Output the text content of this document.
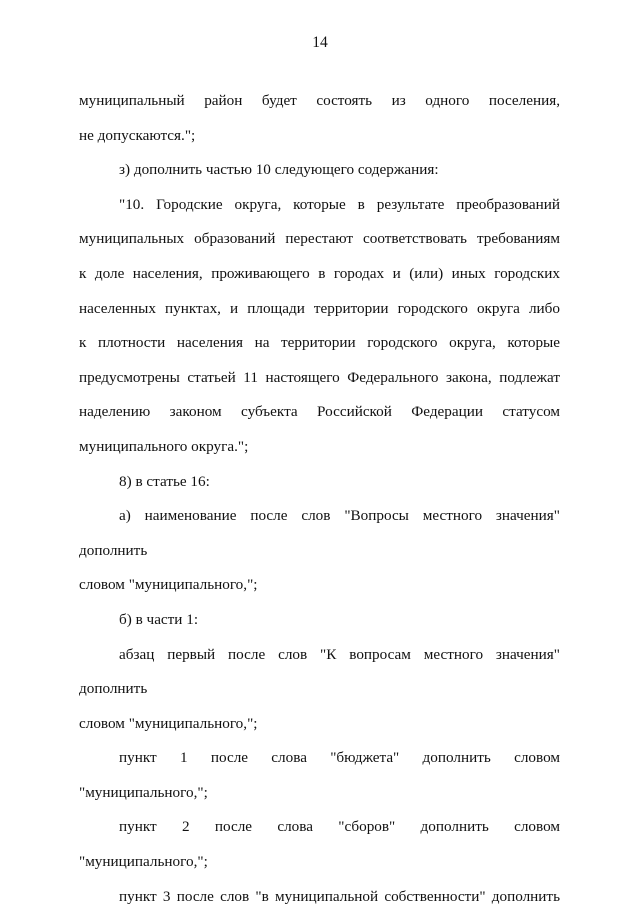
14

муниципальный район будет состоять из одного поселения,
не допускаются.";

з) дополнить частью 10 следующего содержания:

"10. Городские округа, которые в результате преобразований
муниципальных образований перестают соответствовать требованиям
к доле населения, проживающего в городах и (или) иных городских
населенных пунктах, и площади территории городского округа либо
к плотности населения на территории городского округа, которые
предусмотрены статьей 11 настоящего Федерального закона, подлежат
наделению законом субъекта Российской Федерации статусом
муниципального округа.";

8) в статье 16:

а) наименование после слов "Вопросы местного значения" дополнить
словом "муниципального,";

б) в части 1:

абзац первый после слов "К вопросам местного значения" дополнить
словом "муниципального,";

пункт 1 после слова "бюджета" дополнить словом
"муниципального,";

пункт 2 после слова "сборов" дополнить словом "муниципального,";

пункт 3 после слов "в муниципальной собственности" дополнить
